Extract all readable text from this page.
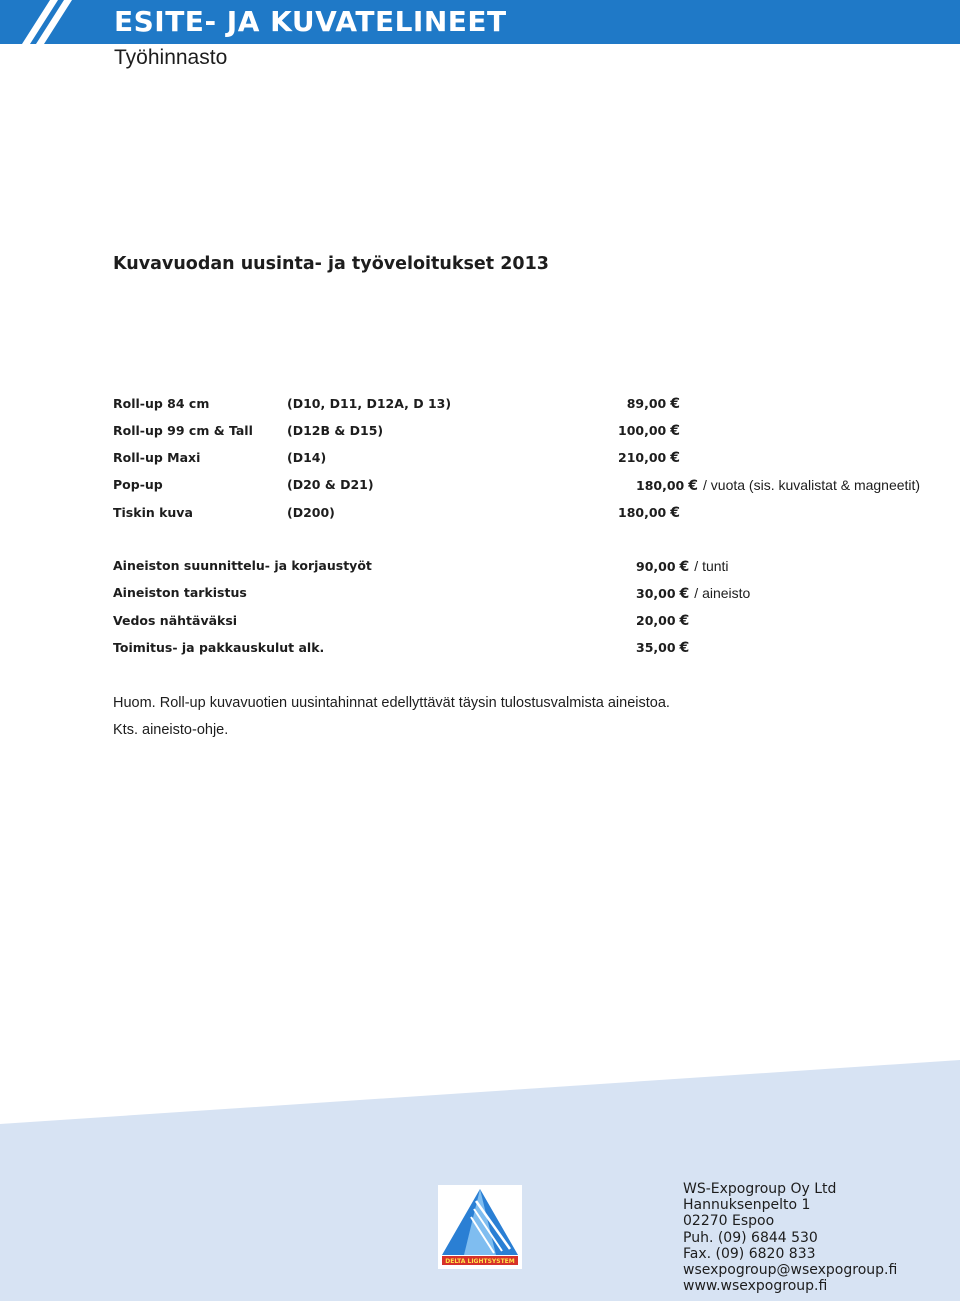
ESITE- JA KUVATELINEET
Työhinnasto
Kuvavuodan uusinta- ja työveloitukset 2013
Roll-up 84 cm	(D10, D11, D12A, D 13)	89,00 €
Roll-up 99 cm & Tall	(D12B & D15)	100,00 €
Roll-up Maxi	(D14)	210,00 €
Pop-up	(D20 & D21)	180,00 € / vuota (sis. kuvalistat & magneetit)
Tiskin kuva	(D200)	180,00 €
Aineiston suunnittelu- ja korjaustyöt	90,00 € / tunti
Aineiston tarkistus	30,00 € / aineisto
Vedos nähtäväksi	20,00 €
Toimitus- ja pakkauskulut alk.	35,00 €
Huom. Roll-up kuvavuotien uusintahinnat edellyttävät täysin tulostusvalmista aineistoa.
Kts. aineisto-ohje.
DELTA LIGHTSYSTEM
WS-Expogroup Oy Ltd
Hannuksenpelto 1
02270 Espoo
Puh. (09) 6844 530
Fax. (09) 6820 833
wsexpogroup@wsexpogroup.fi
www.wsexpogroup.fi
